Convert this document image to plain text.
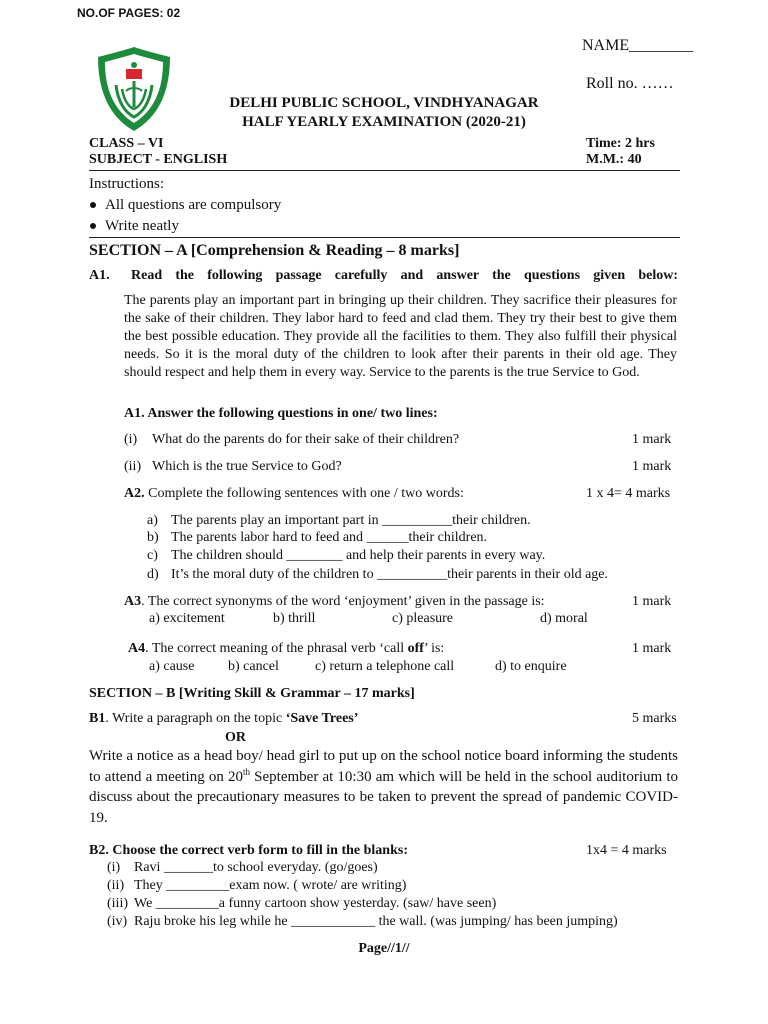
NO.OF PAGES: 02
NAME________
Roll no. ……
DELHI PUBLIC SCHOOL, VINDHYANAGAR
HALF YEARLY EXAMINATION (2020-21)
CLASS – VI
SUBJECT - ENGLISH
Time: 2 hrs
M.M.: 40
Instructions:
All questions are compulsory
Write neatly
SECTION – A [Comprehension & Reading – 8 marks]
A1. Read the following passage carefully and answer the questions given below:
The parents play an important part in bringing up their children. They sacrifice their pleasures for the sake of their children. They labor hard to feed and clad them. They try their best to give them the best possible education. They provide all the facilities to them. They also fulfill their physical needs. So it is the moral duty of the children to look after their parents in their old age. They should respect and help them in every way. Service to the parents is the true Service to God.
A1. Answer the following questions in one/ two lines:
(i) What do the parents do for their sake of their children?	1 mark
(ii) Which is the true Service to God?	1 mark
A2. Complete the following sentences with one / two words:	1 x 4= 4 marks
a) The parents play an important part in __________their children.
b) The parents labor hard to feed and ______their children.
c) The children should ________ and help their parents in every way.
d) It’s the moral duty of the children to __________their parents in their old age.
A3. The correct synonyms of the word ‘enjoyment’ given in the passage is:	1 mark
a) excitement	b) thrill	c) pleasure	d) moral
A4. The correct meaning of the phrasal verb ‘call off’ is:	1 mark
a) cause b) cancel	c) return a telephone call	d) to enquire
SECTION – B [Writing Skill & Grammar – 17 marks]
B1. Write a paragraph on the topic ‘Save Trees’	5 marks
OR
Write a notice as a head boy/ head girl to put up on the school notice board informing the students to attend a meeting on 20th September at 10:30 am which will be held in the school auditorium to discuss about the precautionary measures to be taken to prevent the spread of pandemic COVID-19.
B2. Choose the correct verb form to fill in the blanks:	1x4 = 4 marks
(i) Ravi _______to school everyday. (go/goes)
(ii) They _________exam now. ( wrote/ are writing)
(iii) We _________a funny cartoon show yesterday. (saw/ have seen)
(iv) Raju broke his leg while he ____________ the wall. (was jumping/ has been jumping)
Page//1//
